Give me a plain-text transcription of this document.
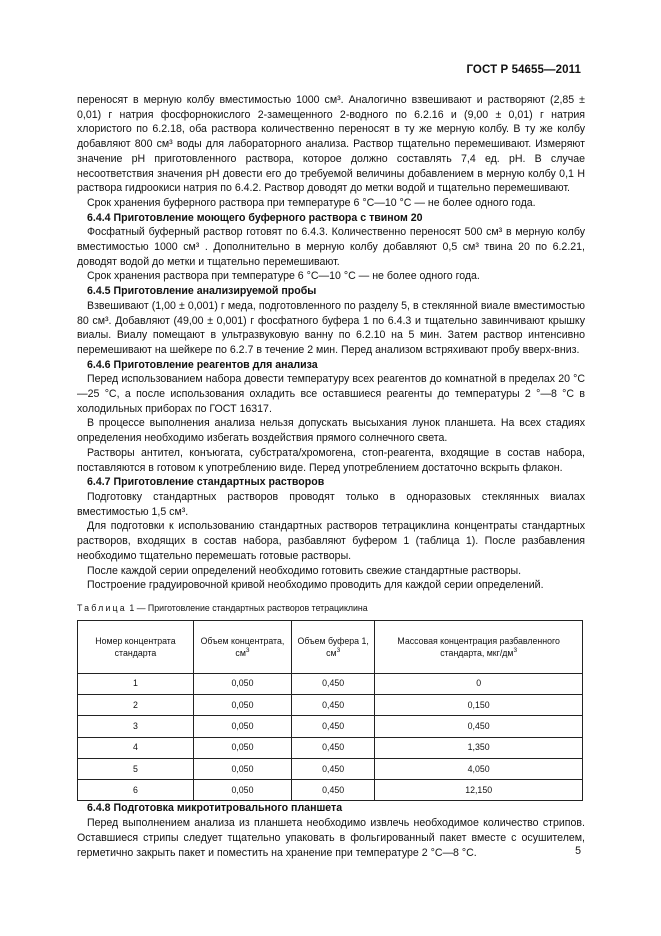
ГОСТ Р 54655—2011

переносят в мерную колбу вместимостью 1000 см³. Аналогично взвешивают и растворяют (2,85 ± 0,01) г натрия фосфорнокислого 2-замещенного 2-водного по 6.2.16 и (9,00 ± 0,01) г натрия хлористого по 6.2.18, оба раствора количественно переносят в ту же мерную колбу. В ту же колбу добавляют 800 см³ воды для лабораторного анализа. Раствор тщательно перемешивают. Измеряют значение pH приготовленного раствора, которое должно составлять 7,4 ед. pH. В случае несоответствия значения pH довести его до требуемой величины добавлением в мерную колбу 0,1 Н раствора гидроокиси натрия по 6.4.2. Раствор доводят до метки водой и тщательно перемешивают.

Срок хранения буферного раствора при температуре 6 °С—10 °С — не более одного года.

6.4.4 Приготовление моющего буферного раствора с твином 20

Фосфатный буферный раствор готовят по 6.4.3. Количественно переносят 500 см³ в мерную колбу вместимостью 1000 см³ . Дополнительно в мерную колбу добавляют 0,5 см³ твина 20 по 6.2.21, доводят водой до метки и тщательно перемешивают.

Срок хранения раствора при температуре 6 °С—10 °С — не более одного года.

6.4.5 Приготовление анализируемой пробы

Взвешивают (1,00 ± 0,001) г меда, подготовленного по разделу 5, в стеклянной виале вместимостью 80 см³. Добавляют (49,00 ± 0,001) г фосфатного буфера 1 по 6.4.3 и тщательно завинчивают крышку виалы. Виалу помещают в ультразвуковую ванну по 6.2.10 на 5 мин. Затем раствор интенсивно перемешивают на шейкере по 6.2.7 в течение 2 мин. Перед анализом встряхивают пробу вверх-вниз.

6.4.6 Приготовление реагентов для анализа

Перед использованием набора довести температуру всех реагентов до комнатной в пределах 20 °С—25 °С, а после использования охладить все оставшиеся реагенты до температуры 2 °—8 °С в холодильных приборах по ГОСТ 16317.

В процессе выполнения анализа нельзя допускать высыхания лунок планшета. На всех стадиях определения необходимо избегать воздействия прямого солнечного света.

Растворы антител, конъюгата, субстрата/хромогена, стоп-реагента, входящие в состав набора, поставляются в готовом к употреблению виде. Перед употреблением достаточно вскрыть флакон.

6.4.7 Приготовление стандартных растворов

Подготовку стандартных растворов проводят только в одноразовых стеклянных виалах вместимостью 1,5 см³.

Для подготовки к использованию стандартных растворов тетрациклина концентраты стандартных растворов, входящих в состав набора, разбавляют буфером 1 (таблица 1). После разбавления необходимо тщательно перемешать готовые растворы.

После каждой серии определений необходимо готовить свежие стандартные растворы.

Построение градуировочной кривой необходимо проводить для каждой серии определений.

Таблица 1 — Приготовление стандартных растворов тетрациклина
Номер концентрата стандарта	Объем концентрата, $см^3$	Объем буфера 1, $см^3$	Массовая концентрация разбавленного стандарта, мкг/$дм^3$
1	0,050	0,450	0
2	0,050	0,450	0,150
3	0,050	0,450	0,450
4	0,050	0,450	1,350
5	0,050	0,450	4,050
6	0,050	0,450	12,150

6.4.8 Подготовка микротитровального планшета

Перед выполнением анализа из планшета необходимо извлечь необходимое количество стрипов. Оставшиеся стрипы следует тщательно упаковать в фольгированный пакет вместе с осушителем, герметично закрыть пакет и поместить на хранение при температуре 2 °С—8 °С.	5
